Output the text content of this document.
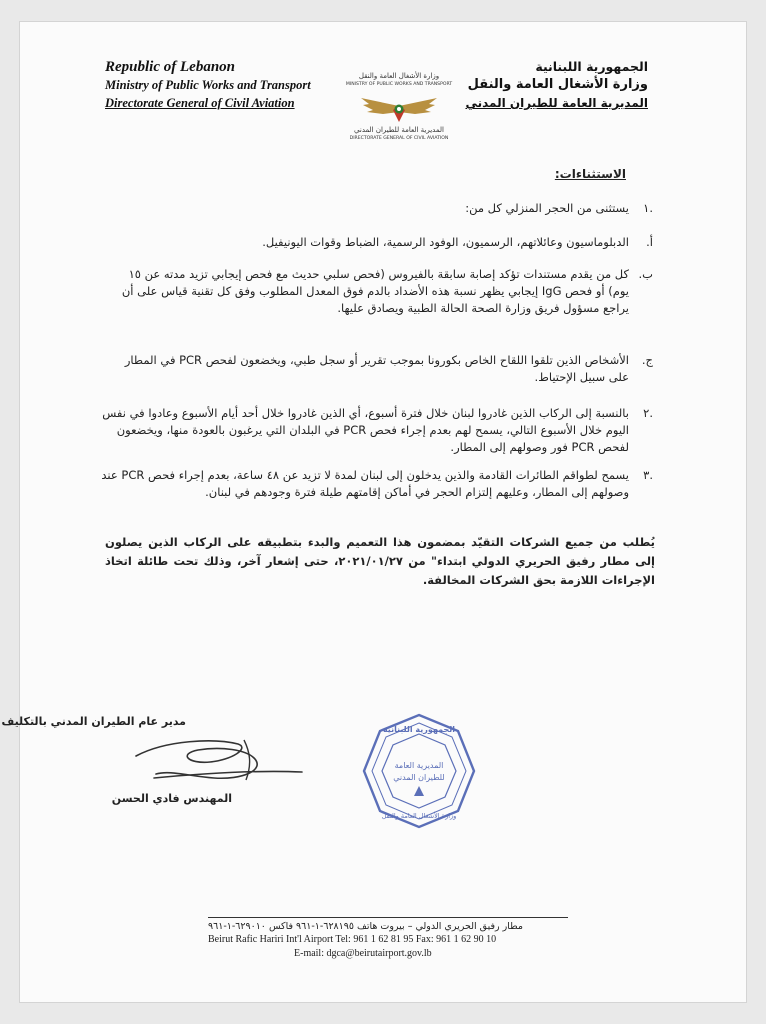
Republic of Lebanon
Ministry of Public Works and Transport
Directorate General of Civil Aviation
وزارة الأشغال العامة والنقل
MINISTRY OF PUBLIC WORKS AND TRANSPORT
المديرية العامة للطيران المدني
DIRECTORATE GENERAL OF CIVIL AVIATION
الجمهورية اللبنانية
وزارة الأشغال العامة والنقل
المديرية العامة للطيران المدني
الاستثناءات:
.١
يستثنى من الحجر المنزلي كل من:
أ.
الدبلوماسيون وعائلاتهم، الرسميون، الوفود الرسمية، الضباط وقوات اليونيفيل.
ب.
كل من يقدم مستندات تؤكد إصابة سابقة بالفيروس (فحص سلبي حديث مع فحص إيجابي تزيد مدته عن ١٥ يوم) أو فحص IgG إيجابي يظهر نسبة هذه الأضداد بالدم فوق المعدل المطلوب وفق كل تقنية قياس على أن يراجع مسؤول فريق وزارة الصحة الحالة الطبية ويصادق عليها.
ج.
الأشخاص الذين تلقوا اللقاح الخاص بكورونا بموجب تقرير أو سجل طبي، ويخضعون لفحص PCR في المطار على سبيل الإحتياط.
.٢
بالنسبة إلى الركاب الذين غادروا لبنان خلال فترة أسبوع، أي الذين غادروا خلال أحد أيام الأسبوع وعادوا في نفس اليوم خلال الأسبوع التالي، يسمح لهم بعدم إجراء فحص PCR في البلدان التي يرغبون بالعودة منها، ويخضعون لفحص PCR فور وصولهم إلى المطار.
.٣
يسمح لطواقم الطائرات القادمة والذين يدخلون إلى لبنان لمدة لا تزيد عن ٤٨ ساعة، بعدم إجراء فحص PCR عند وصولهم إلى المطار، وعليهم إلتزام الحجر في أماكن إقامتهم طيلة فترة وجودهم في لبنان.
يُطلب من جميع الشركات التقيّد بمضمون هذا التعميم والبدء بتطبيقه على الركاب الذين يصلون إلى مطار رفيق الحريري الدولي ابتداء" من ٢٠٢١/٠١/٢٧، حتى إشعار آخر، وذلك تحت طائلة اتخاذ الإجراءات اللازمة بحق الشركات المخالفة.
مدير عام الطيران المدني بالتكليف
المهندس فادي الحسن
الجمهورية اللبنانية
المديرية العامة
للطيران المدني
وزارة الأشغال العامة والنقل
مطار رفيق الحريري الدولي – بيروت هاتف ٦٢٨١٩٥-١-٩٦١ فاكس ٦٢٩٠١٠-١-٩٦١
Beirut Rafic Hariri Int'l Airport Tel: 961 1 62 81 95 Fax: 961 1 62 90 10
E-mail: dgca@beirutairport.gov.lb
